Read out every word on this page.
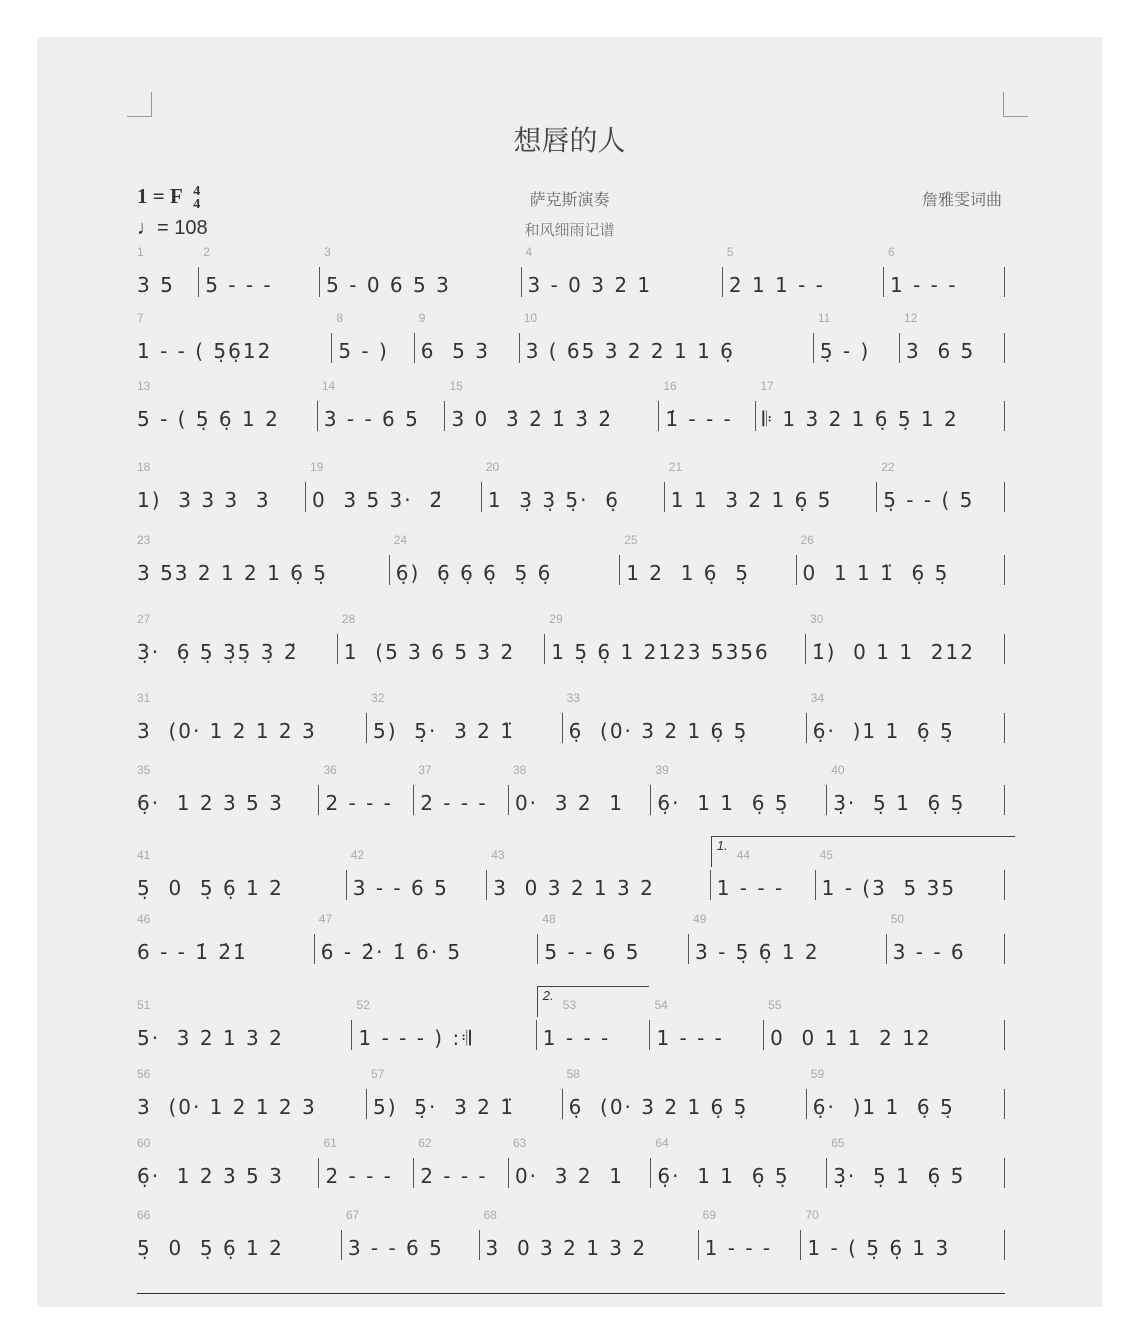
想唇的人
1 = F 4
4
♩= 108
萨克斯演奏
和风细雨记谱
詹雅雯词曲
1
3 5
2
5 - - -
3
5 - 0 6 5 3
4
3 - 0 3 2 1
5
2 1 1 - -
6
1 - - -
7
1 - - ( 5̣6̣12
8
5 - )
9
6  5 3
10
3 ( 65 3 2 2 1 1 6̣
11
5̣ - )
12
3  6 5
13
5 - ( 5̣ 6̣ 1 2
14
3 - - 6 5
15
3 0  3̇ 2̇ 1̇ 3̇ 2̇
16
1̇ - - -
17
𝄆 1 3 2 1 6̣ 5̣ 1 2
18
1)  3 3 3  3
19
0  3 5 3·  2̈
20
1  3̣ 3̣ 5̣·  6̣
21
1 1  3 2 1 6̣ 5̈
22
5̣ - - ( 5
23
3 53 2 1 2 1 6̣ 5̣
24
6̣)  6̣ 6̣ 6̣  5̣ 6̣
25
1 2  1 6̣  5̣
26
0  1 1 1̈  6̣ 5̣
27
3̣·  6̣ 5̣ 3̣5̣ 3̣ 2̈
28
1  (5 3 6 5 3 2
29
1 5̣ 6̣ 1 2123 5356
30
1̇)  0 1 1  212
31
3  (0· 1 2 1 2 3
32
5)  5̣·  3 2 1̈
33
6̣  (0· 3 2 1 6̣ 5̣
34
6̣·  )1 1  6̣ 5̣
35
6̣·  1 2 3 5 3
36
2 - - -
37
2 - - -
38
0·  3 2  1
39
6̣·  1 1  6̣ 5̣
40
3̣·  5̣ 1  6̣ 5̣
41
5̣  0  5̣ 6̣ 1 2
42
3 - - 6 5
43
3  0 3 2 1 3 2
44
1 - - -
1.
45
1 - (3  5 35
46
6 - - 1̇ 2̇1̇
47
6 - 2̇· 1̇ 6· 5
48
5 - - 6 5
49
3 - 5̣ 6̣ 1 2
50
3 - - 6
51
5·  3 2 1 3 2
52
1 - - - ) :𝄇
53
1 - - -
2.
54
1 - - -
55
0  0 1 1  2 12
56
3  (0· 1 2 1 2 3
57
5)  5̣·  3 2 1̈
58
6̣  (0· 3 2 1 6̣ 5̣
59
6̣·  )1 1  6̣ 5̣
60
6̣·  1 2 3 5 3
61
2 - - -
62
2 - - -
63
0·  3 2  1
64
6̣·  1 1  6̣ 5̣
65
3̣·  5̣ 1  6̣ 5̈
66
5̣  0  5̣ 6̣ 1 2
67
3 - - 6 5
68
3  0 3 2 1 3 2
69
1 - - -
70
1 - ( 5̣ 6̣ 1 3
